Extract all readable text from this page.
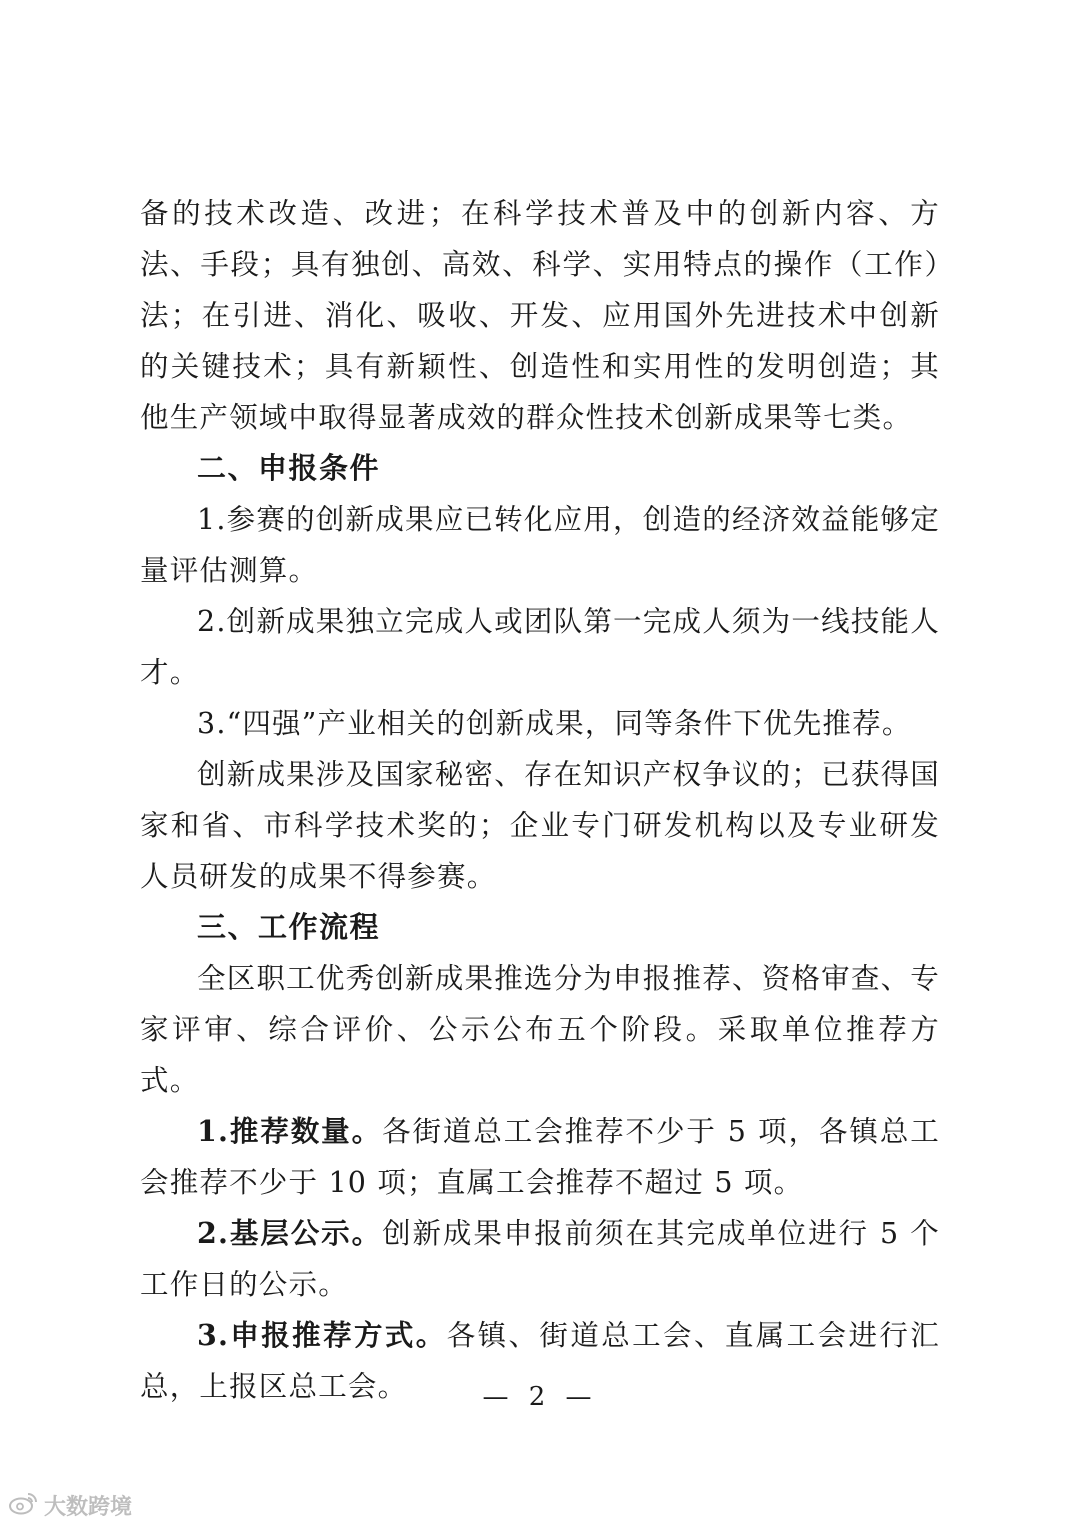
备的技术改造、改进；在科学技术普及中的创新内容、方法、手段；具有独创、高效、科学、实用特点的操作（工作）法；在引进、消化、吸收、开发、应用国外先进技术中创新的关键技术；具有新颖性、创造性和实用性的发明创造；其他生产领域中取得显著成效的群众性技术创新成果等七类。

二、申报条件

1.参赛的创新成果应已转化应用，创造的经济效益能够定量评估测算。

2.创新成果独立完成人或团队第一完成人须为一线技能人才。

3.“四强”产业相关的创新成果，同等条件下优先推荐。

创新成果涉及国家秘密、存在知识产权争议的；已获得国家和省、市科学技术奖的；企业专门研发机构以及专业研发人员研发的成果不得参赛。

三、工作流程

全区职工优秀创新成果推选分为申报推荐、资格审查、专家评审、综合评价、公示公布五个阶段。采取单位推荐方式。

1.推荐数量。各街道总工会推荐不少于 5 项，各镇总工会推荐不少于 10 项；直属工会推荐不超过 5 项。

2.基层公示。创新成果申报前须在其完成单位进行 5 个工作日的公示。

3.申报推荐方式。各镇、街道总工会、直属工会进行汇总，上报区总工会。	— 2 —
大数跨境
